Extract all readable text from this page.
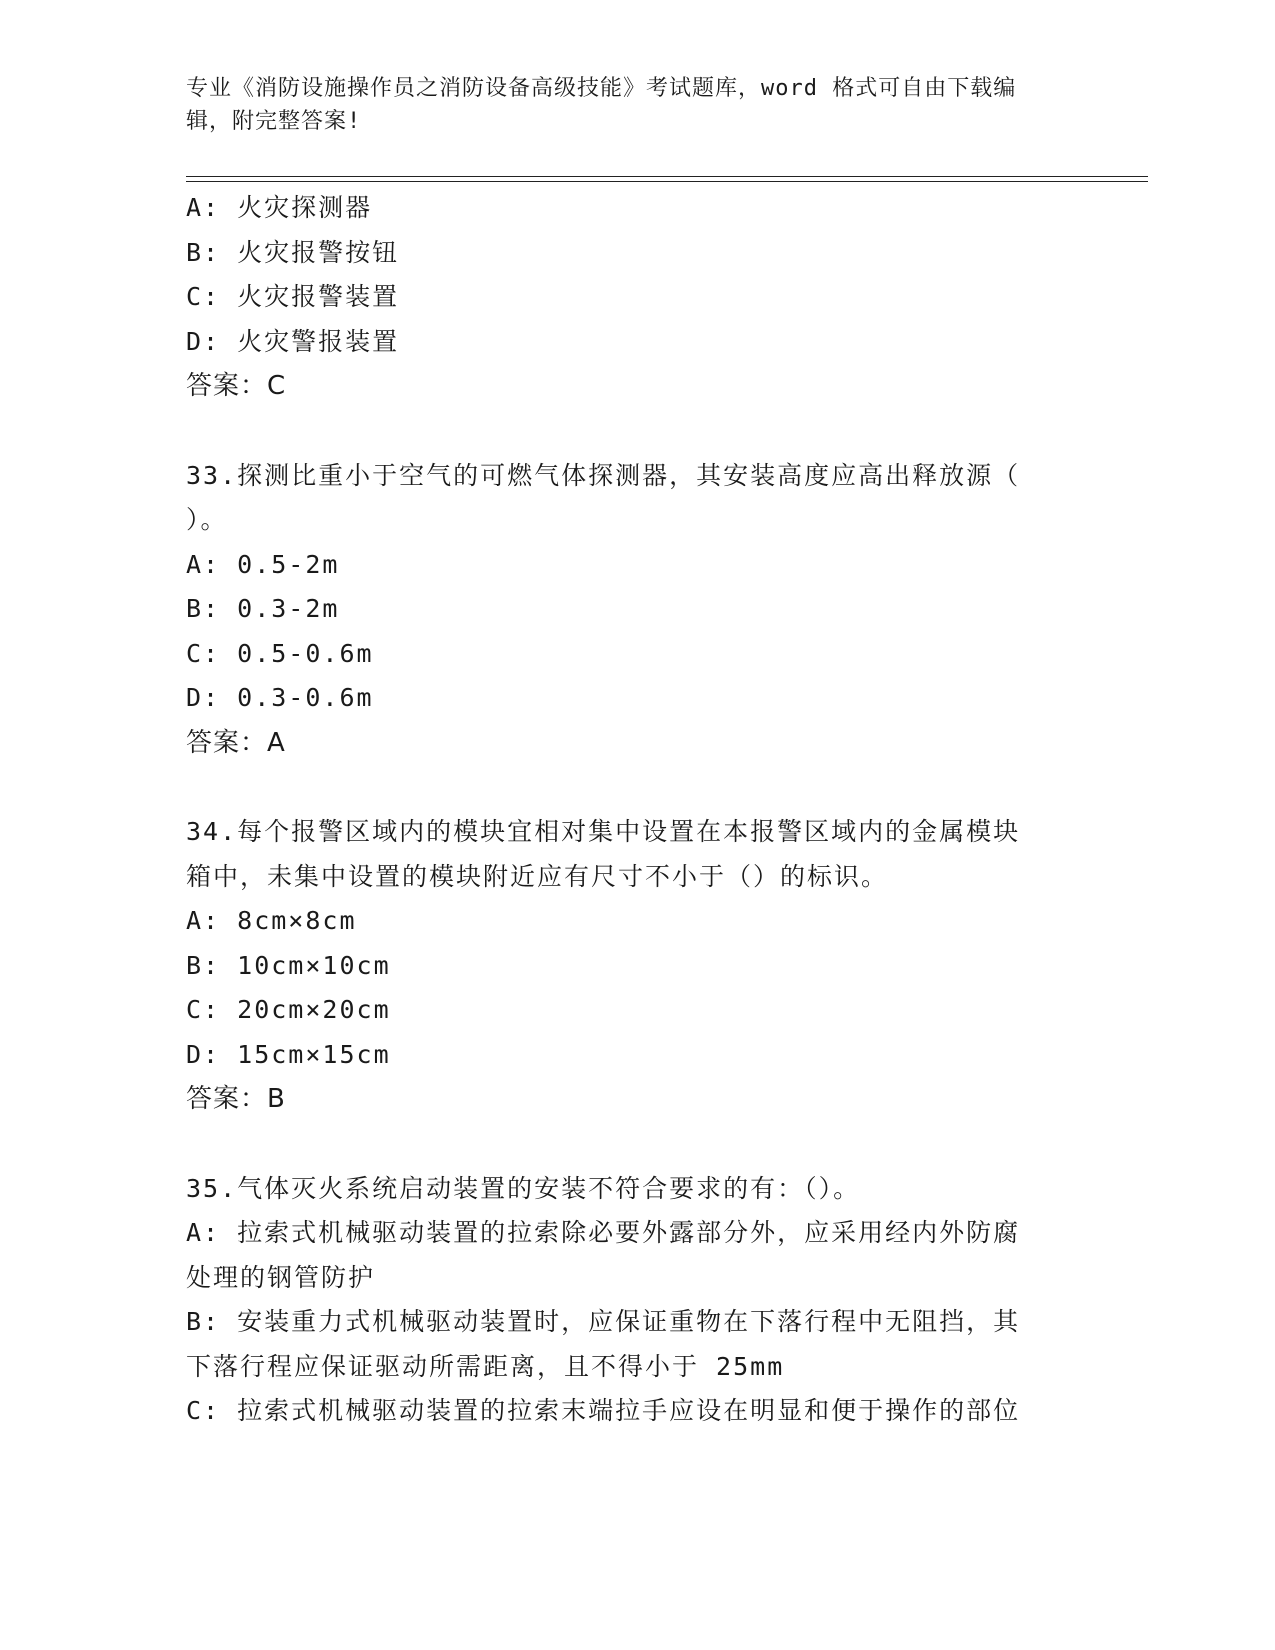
专业《消防设施操作员之消防设备高级技能》考试题库，word 格式可自由下载编
辑，附完整答案!
A: 火灾探测器
B: 火灾报警按钮
C: 火灾报警装置
D: 火灾警报装置
答案：C
33.探测比重小于空气的可燃气体探测器，其安装高度应高出释放源（
）。
A: 0.5-2m
B: 0.3-2m
C: 0.5-0.6m
D: 0.3-0.6m
答案：A
34.每个报警区域内的模块宜相对集中设置在本报警区域内的金属模块
箱中，未集中设置的模块附近应有尺寸不小于（）的标识。
A: 8cm×8cm
B: 10cm×10cm
C: 20cm×20cm
D: 15cm×15cm
答案：B
35.气体灭火系统启动装置的安装不符合要求的有：（）。
A: 拉索式机械驱动装置的拉索除必要外露部分外，应采用经内外防腐
处理的钢管防护
B: 安装重力式机械驱动装置时，应保证重物在下落行程中无阻挡，其
下落行程应保证驱动所需距离，且不得小于 25mm
C: 拉索式机械驱动装置的拉索末端拉手应设在明显和便于操作的部位
